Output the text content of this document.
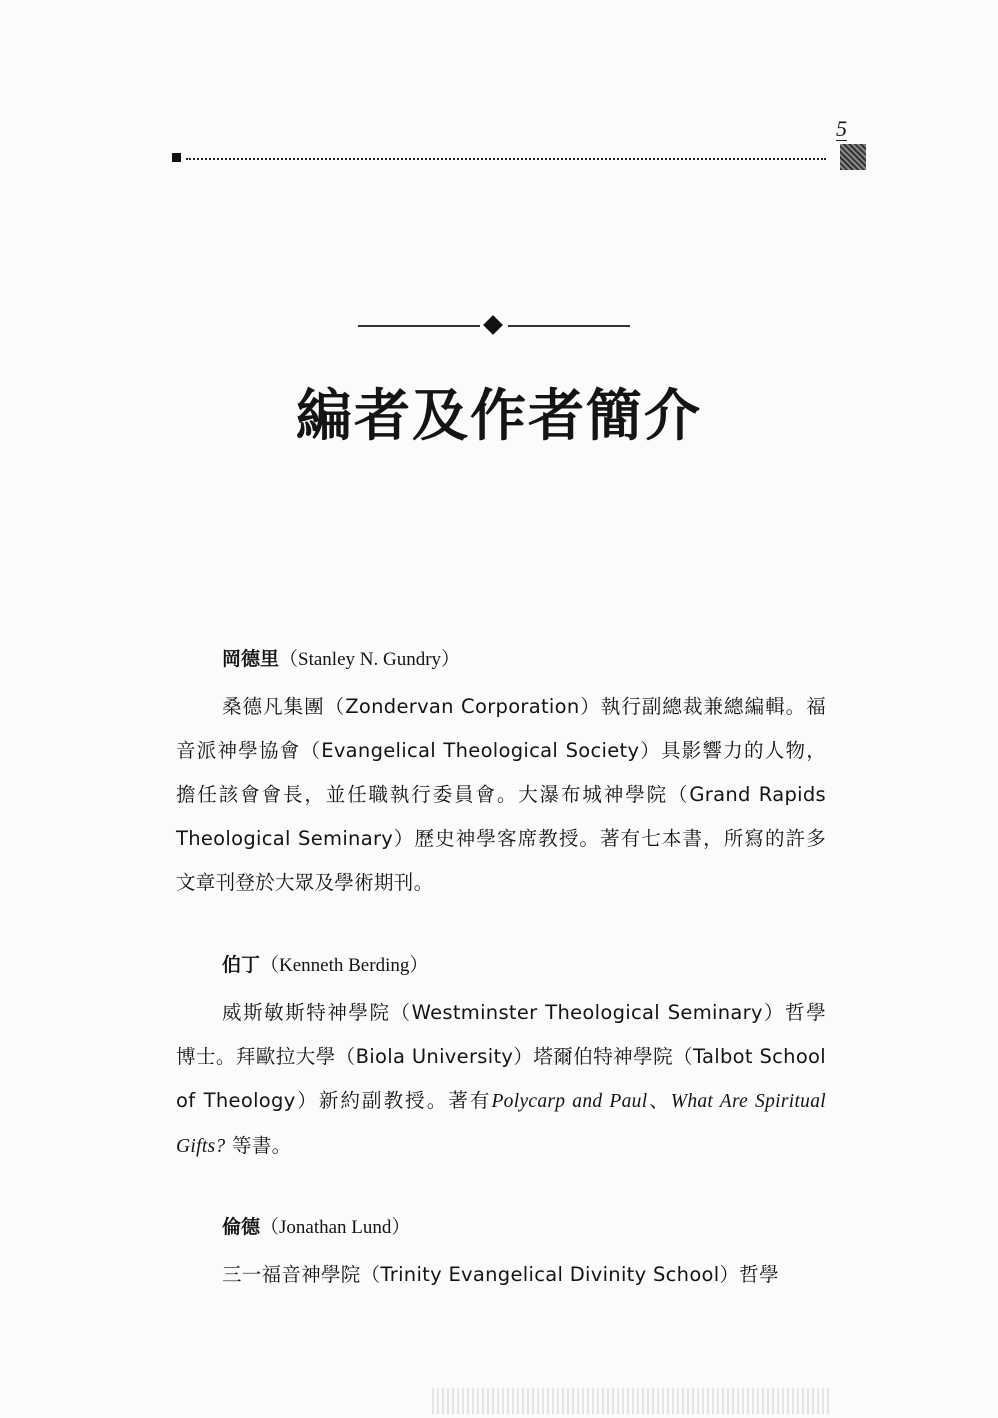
5
編者及作者簡介
岡德里（Stanley N. Gundry）
桑德凡集團（Zondervan Corporation）執行副總裁兼總編輯。福音派神學協會（Evangelical Theological Society）具影響力的人物，擔任該會會長，並任職執行委員會。大瀑布城神學院（Grand Rapids Theological Seminary）歷史神學客席教授。著有七本書，所寫的許多文章刊登於大眾及學術期刊。
伯丁（Kenneth Berding）
威斯敏斯特神學院（Westminster Theological Seminary）哲學博士。拜歐拉大學（Biola University）塔爾伯特神學院（Talbot School of Theology）新約副教授。著有Polycarp and Paul、What Are Spiritual Gifts? 等書。
倫德（Jonathan Lund）
三一福音神學院（Trinity Evangelical Divinity School）哲學
